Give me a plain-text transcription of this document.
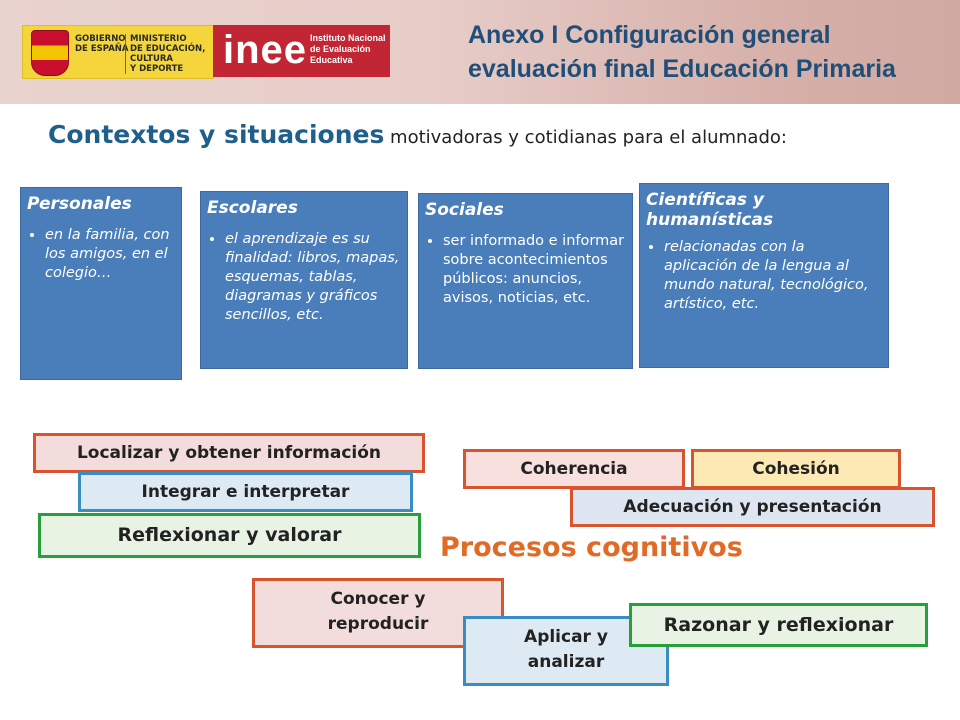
GOBIERNO
DE ESPAÑA
MINISTERIO
DE EDUCACIÓN, CULTURA
Y DEPORTE inee Instituto Nacional
de Evaluación
Educativa
Anexo I Configuración general
evaluación final Educación Primaria
Contextos y situaciones motivadoras y cotidianas para el alumnado:
Personales
• en la familia, con los amigos, en el colegio…
Escolares
• el aprendizaje es su finalidad: libros, mapas, esquemas, tablas, diagramas y gráficos sencillos, etc.
Sociales
• ser informado e informar sobre acontecimientos públicos: anuncios, avisos, noticias, etc.
Científicas y humanísticas
• relacionadas con la aplicación de la lengua al mundo natural, tecnológico, artístico, etc.
Localizar y obtener información
Integrar e interpretar
Reflexionar y valorar
Coherencia	Cohesión
Adecuación y presentación
Procesos cognitivos
Conocer y reproducir
Aplicar y analizar
Razonar y reflexionar
